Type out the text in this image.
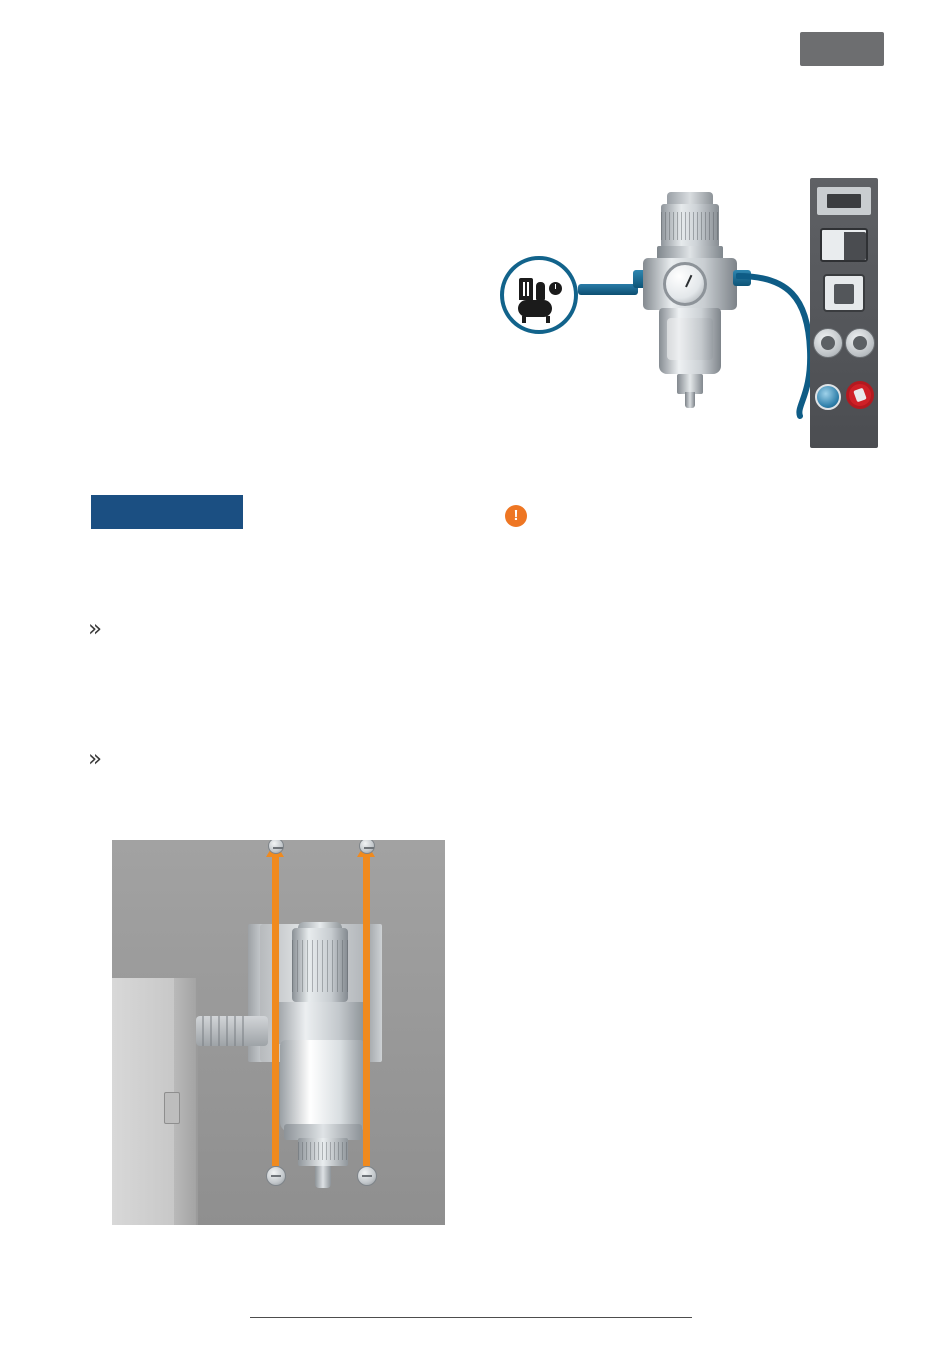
»
»
!
